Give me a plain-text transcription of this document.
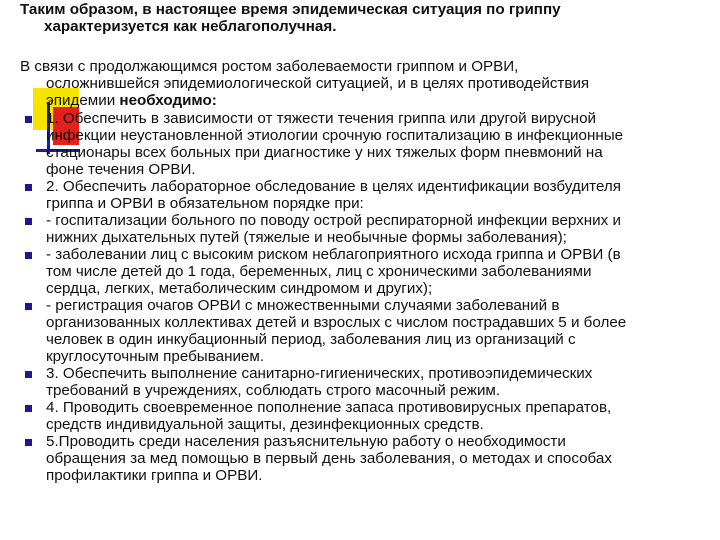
Таким образом, в настоящее время эпидемическая ситуация по гриппу
характеризуется как неблагополучная.

В связи с продолжающимся ростом заболеваемости гриппом и ОРВИ,
осложнившейся эпидемиологической ситуацией, и в целях противодействия
эпидемии необходимо:

1. Обеспечить в зависимости от тяжести течения гриппа или другой вирусной
инфекции неустановленной этиологии срочную госпитализацию в инфекционные
стационары всех больных при диагностике у них тяжелых форм пневмоний на
фоне течения ОРВИ.
2. Обеспечить лабораторное обследование в целях идентификации возбудителя
гриппа и ОРВИ в обязательном порядке при:
- госпитализации больного по поводу острой респираторной инфекции верхних и
нижних дыхательных путей (тяжелые и необычные формы заболевания);
- заболевании лиц с высоким риском неблагоприятного исхода гриппа и ОРВИ (в
том числе детей до 1 года, беременных, лиц с хроническими заболеваниями
сердца, легких, метаболическим синдромом и других);
- регистрация очагов ОРВИ с множественными случаями заболеваний в
организованных коллективах детей и взрослых с числом пострадавших 5 и более
человек в один инкубационный период, заболевания лиц из организаций с
круглосуточным пребыванием.
3. Обеспечить выполнение санитарно-гигиенических, противоэпидемических
требований в учреждениях, соблюдать строго масочный режим.
4. Проводить своевременное пополнение запаса противовирусных препаратов,
средств индивидуальной защиты, дезинфекционных средств.
5.Проводить среди населения разъяснительную работу о необходимости
обращения за мед помощью в первый день заболевания, о методах и способах
профилактики гриппа и ОРВИ.
